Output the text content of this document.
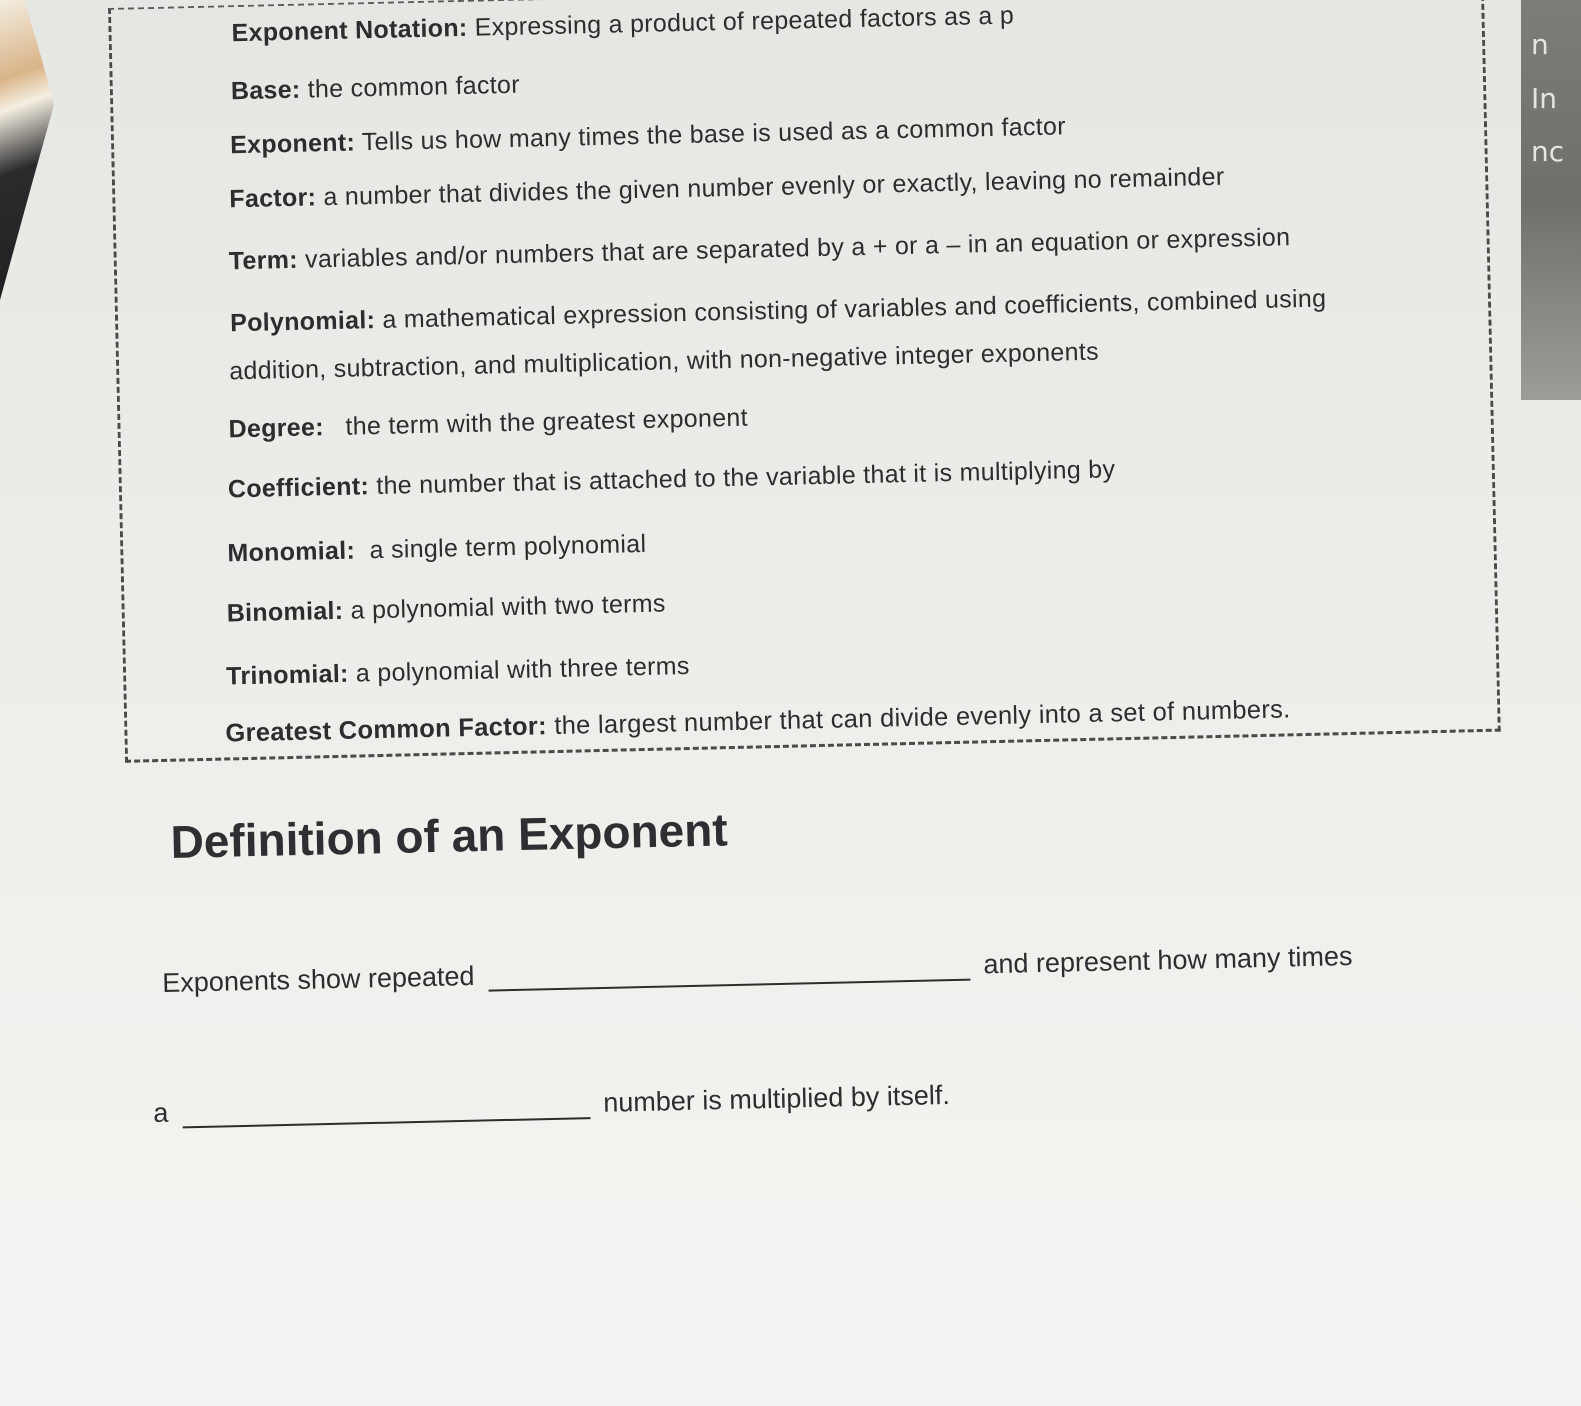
n
In
nc
Exponent Notation: Expressing a product of repeated factors as a p
Base: the common factor
Exponent: Tells us how many times the base is used as a common factor
Factor: a number that divides the given number evenly or exactly, leaving no remainder
Term: variables and/or numbers that are separated by a + or a – in an equation or expression
Polynomial: a mathematical expression consisting of variables and coefficients, combined using
addition, subtraction, and multiplication, with non-negative integer exponents
Degree:   the term with the greatest exponent
Coefficient: the number that is attached to the variable that it is multiplying by
Monomial:  a single term polynomial
Binomial: a polynomial with two terms
Trinomial: a polynomial with three terms
Greatest Common Factor: the largest number that can divide evenly into a set of numbers.
Definition of an Exponent
Exponents show repeated  and represent how many times
a	number is multiplied by itself.
